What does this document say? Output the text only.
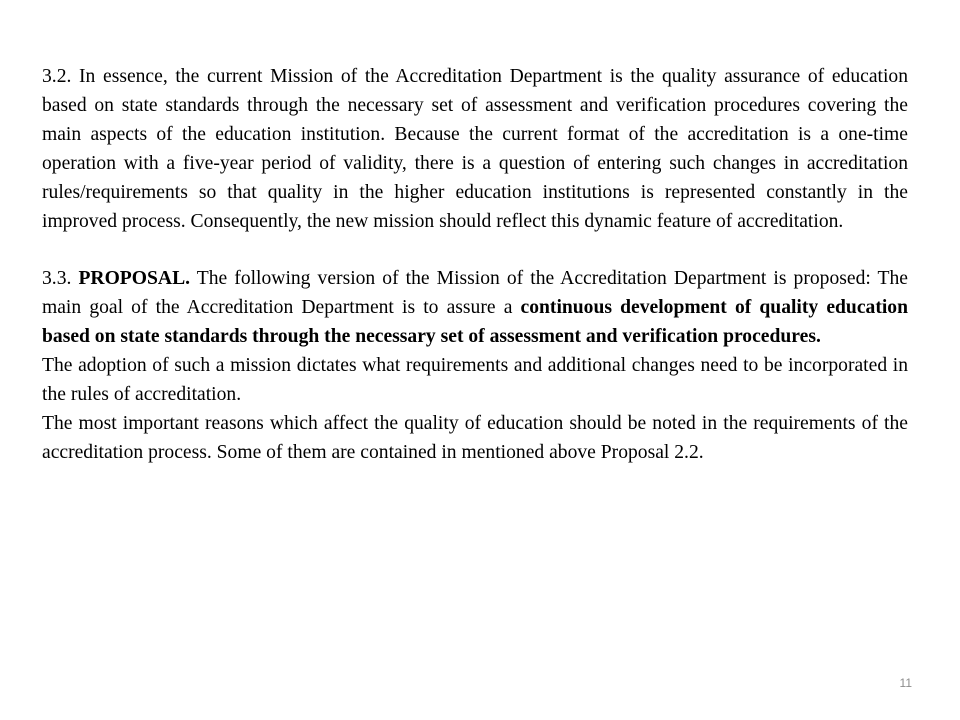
3.2. In essence, the current Mission of the Accreditation Department is the quality assurance of education based on state standards through the necessary set of assessment and verification procedures covering the main aspects of the education institution. Because the current format of the accreditation is a one-time operation with a five-year period of validity, there is a question of entering such changes in accreditation rules/requirements so that quality in the higher education institutions is represented constantly in the improved process. Consequently, the new mission should reflect this dynamic feature of accreditation.

3.3. PROPOSAL. The following version of the Mission of the Accreditation Department is proposed: The main goal of the Accreditation Department is to assure a continuous development of quality education based on state standards through the necessary set of assessment and verification procedures.

The adoption of such a mission dictates what requirements and additional changes need to be incorporated in the rules of accreditation.

The most important reasons which affect the quality of education should be noted in the requirements of the accreditation process. Some of them are contained in mentioned above Proposal 2.2.

11
